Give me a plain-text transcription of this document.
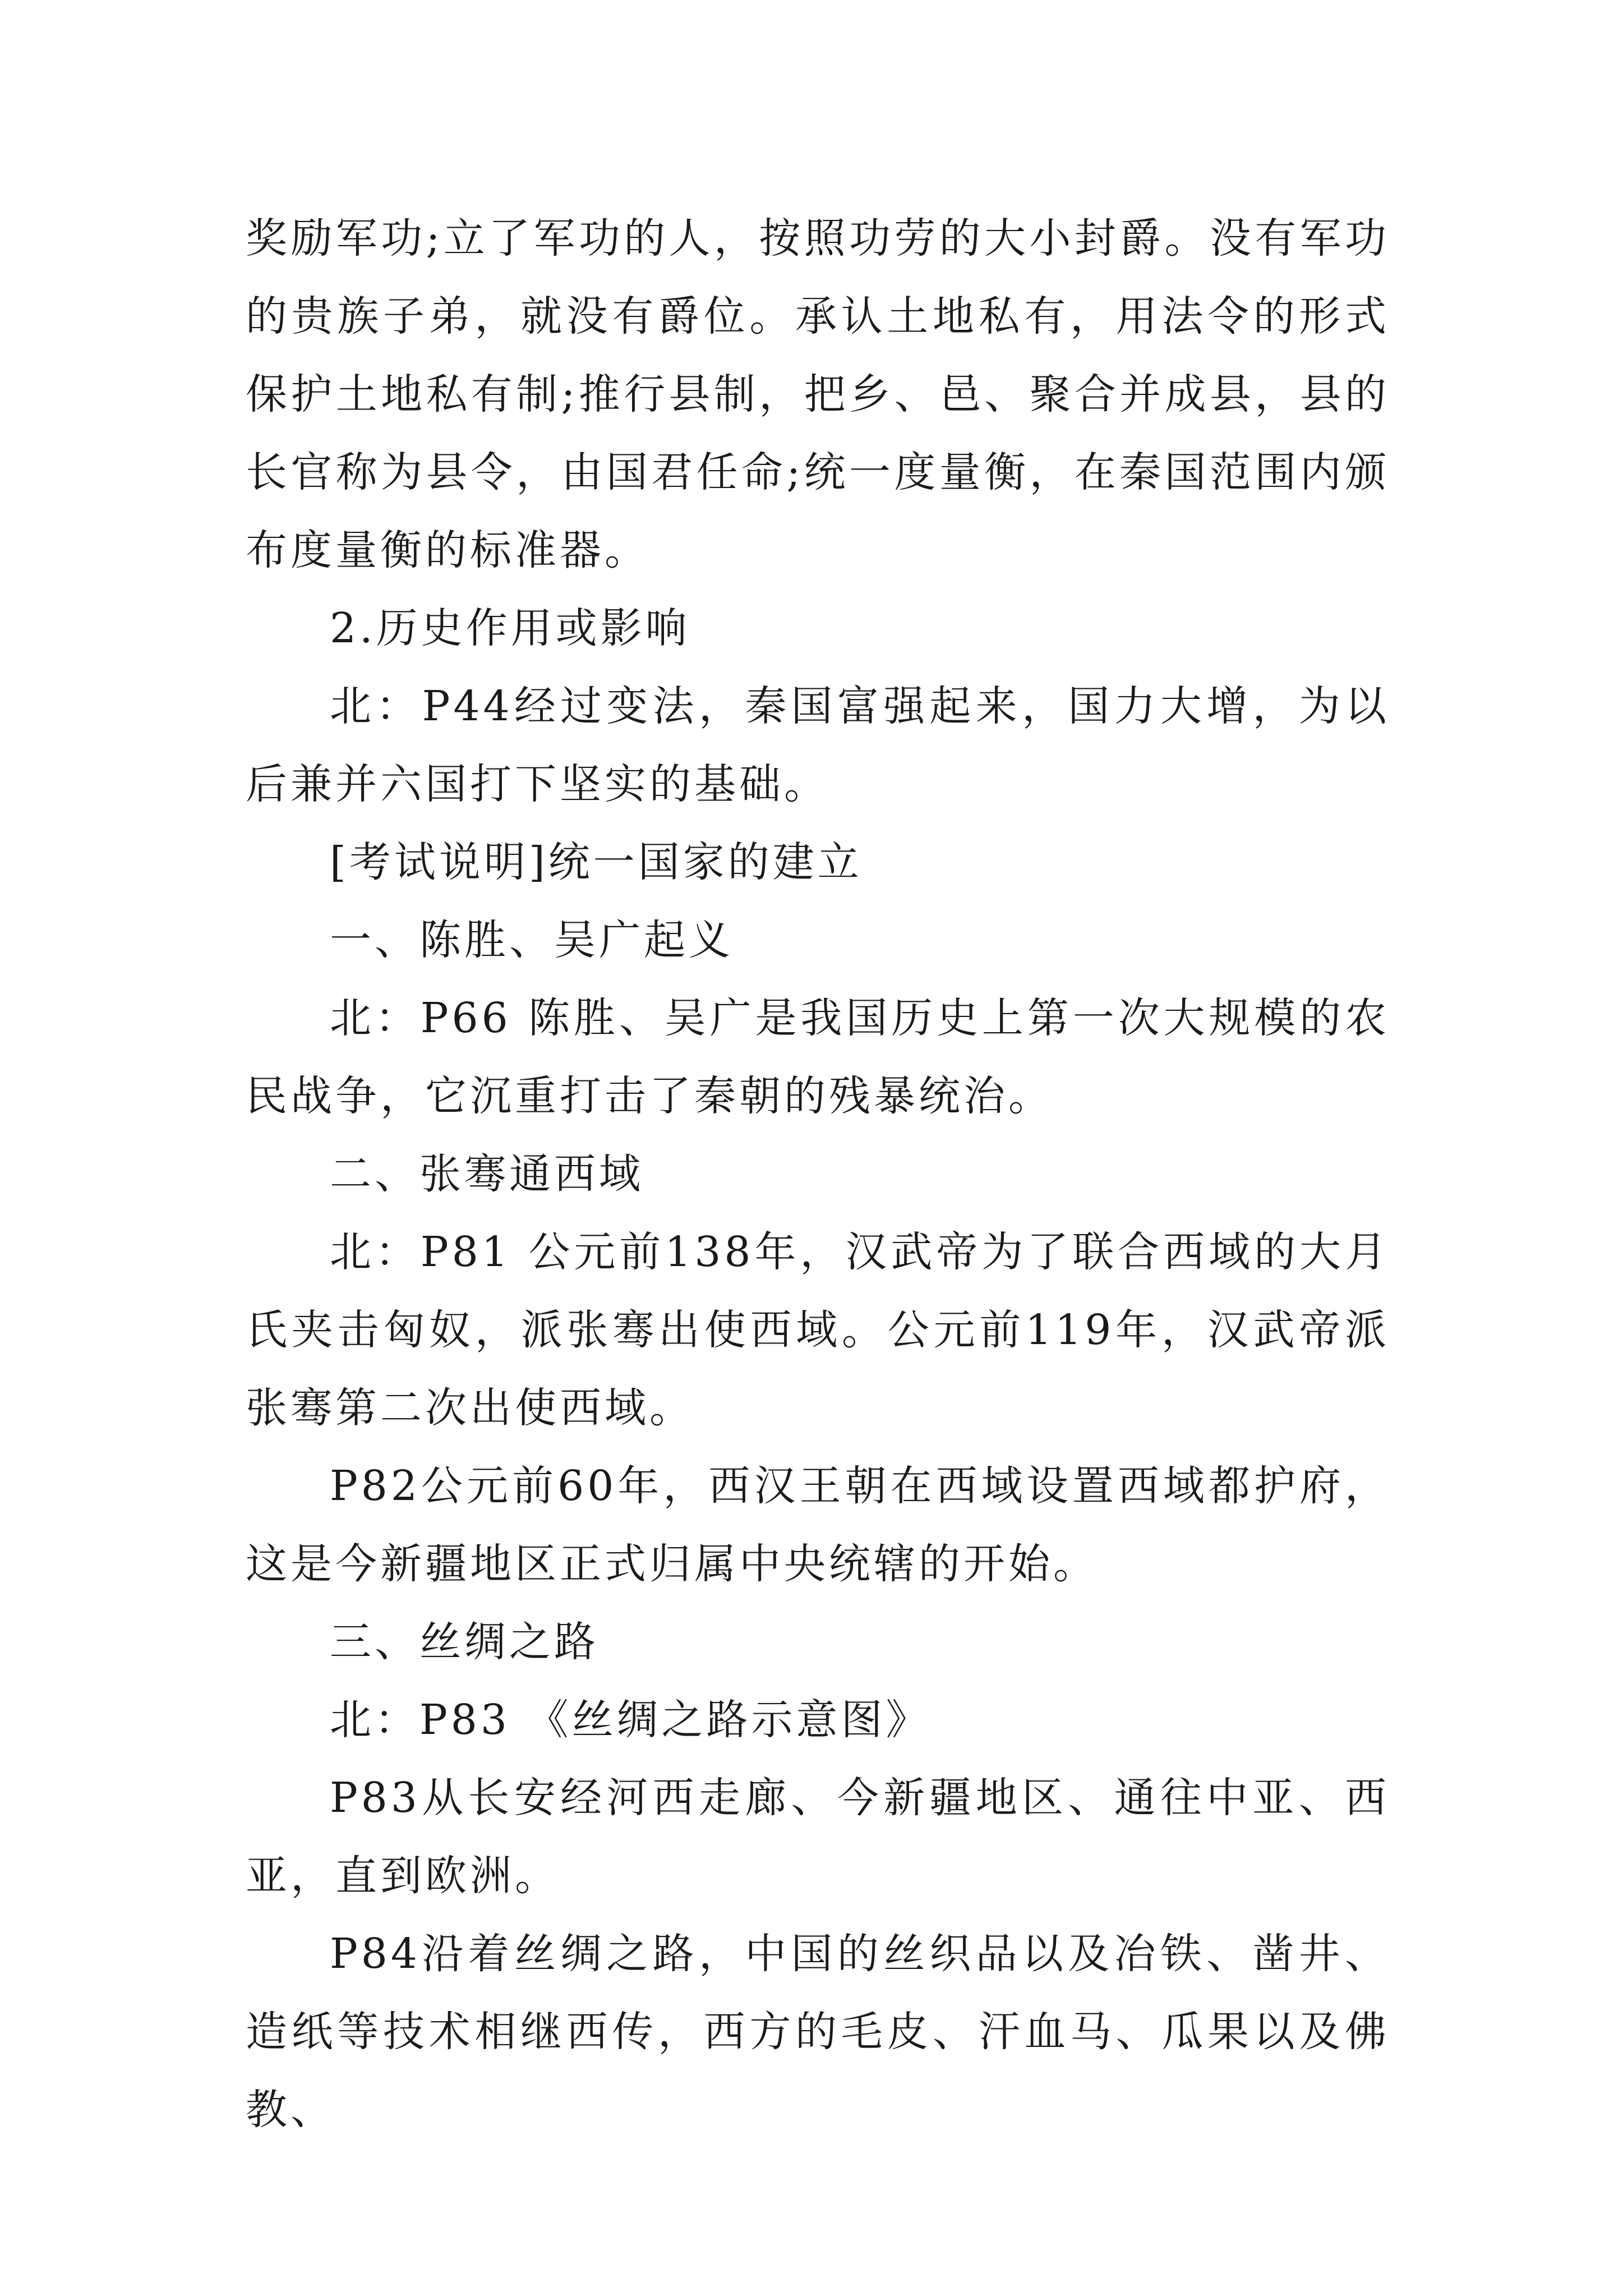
奖励军功;立了军功的人，按照功劳的大小封爵。没有军功的贵族子弟，就没有爵位。承认土地私有，用法令的形式保护土地私有制;推行县制，把乡、邑、聚合并成县，县的长官称为县令，由国君任命;统一度量衡，在秦国范围内颁布度量衡的标准器。

2.历史作用或影响

北：P44经过变法，秦国富强起来，国力大增，为以后兼并六国打下坚实的基础。

[考试说明]统一国家的建立

一、陈胜、吴广起义

北：P66 陈胜、吴广是我国历史上第一次大规模的农民战争，它沉重打击了秦朝的残暴统治。

二、张骞通西域

北：P81 公元前138年，汉武帝为了联合西域的大月氏夹击匈奴，派张骞出使西域。公元前119年，汉武帝派张骞第二次出使西域。

P82公元前60年，西汉王朝在西域设置西域都护府，这是今新疆地区正式归属中央统辖的开始。

三、丝绸之路

北：P83 《丝绸之路示意图》

P83从长安经河西走廊、今新疆地区、通往中亚、西亚，直到欧洲。

P84沿着丝绸之路，中国的丝织品以及冶铁、凿井、造纸等技术相继西传，西方的毛皮、汗血马、瓜果以及佛教、
